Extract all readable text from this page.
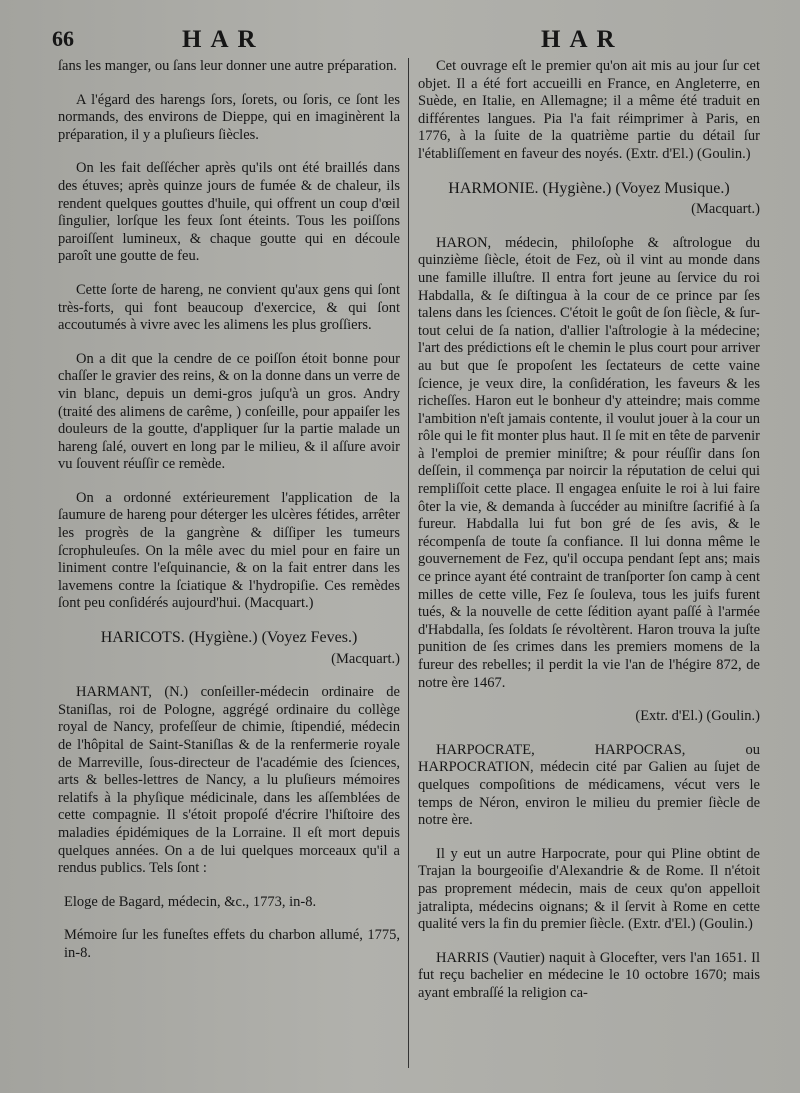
66	HAR	HAR

ſans les manger, ou ſans leur donner une autre préparation.

A l'égard des harengs ſors, ſorets, ou ſoris, ce ſont les normands, des environs de Dieppe, qui en imaginèrent la préparation, il y a pluſieurs ſiècles.

On les fait deſſécher après qu'ils ont été braillés dans des étuves; après quinze jours de fumée & de chaleur, ils rendent quelques gouttes d'huile, qui offrent un coup d'œil ſingulier, lorſque les feux ſont éteints. Tous les poiſſons paroiſſent lumineux, & chaque goutte qui en découle paroît une goutte de feu.

Cette ſorte de hareng, ne convient qu'aux gens qui ſont très-forts, qui font beaucoup d'exercice, & qui ſont accoutumés à vivre avec les alimens les plus groſſiers.

On a dit que la cendre de ce poiſſon étoit bonne pour chaſſer le gravier des reins, & on la donne dans un verre de vin blanc, depuis un demi-gros juſqu'à un gros. Andry (traité des alimens de carême, ) conſeille, pour appaiſer les douleurs de la goutte, d'appliquer ſur la partie malade un hareng ſalé, ouvert en long par le milieu, & il aſſure avoir vu ſouvent réuſſir ce remède.

On a ordonné extérieurement l'application de la ſaumure de hareng pour déterger les ulcères fétides, arrêter les progrès de la gangrène & diſſiper les tumeurs ſcrophuleuſes. On la mêle avec du miel pour en faire un liniment contre l'eſquinancie, & on la fait entrer dans les lavemens contre la ſciatique & l'hydropiſie. Ces remèdes ſont peu conſidérés aujourd'hui. (Macquart.)

HARICOTS. (Hygiène.) (Voyez Feves.)

(Macquart.)

HARMANT, (N.) conſeiller-médecin ordinaire de Staniſlas, roi de Pologne, aggrégé ordinaire du collège royal de Nancy, profeſſeur de chimie, ſtipendié, médecin de l'hôpital de Saint-Staniſlas & de la renfermerie royale de Marreville, ſous-directeur de l'académie des ſciences, arts & belles-lettres de Nancy, a lu pluſieurs mémoires relatifs à la phyſique médicinale, dans les aſſemblées de cette compagnie. Il s'étoit propoſé d'écrire l'hiſtoire des maladies épidémiques de la Lorraine. Il eſt mort depuis quelques années. On a de lui quelques morceaux qu'il a rendus publics. Tels ſont :

Eloge de Bagard, médecin, &c., 1773, in-8.

Mémoire ſur les funeſtes effets du charbon allumé, 1775, in-8.

Cet ouvrage eſt le premier qu'on ait mis au jour ſur cet objet. Il a été fort accueilli en France, en Angleterre, en Suède, en Italie, en Allemagne; il a même été traduit en différentes langues. Pia l'a fait réimprimer à Paris, en 1776, à la ſuite de la quatrième partie du détail ſur l'établiſſement en faveur des noyés. (Extr. d'El.) (Goulin.)

HARMONIE. (Hygiène.) (Voyez Musique.)

(Macquart.)

HARON, médecin, philoſophe & aſtrologue du quinzième ſiècle, étoit de Fez, où il vint au monde dans une famille illuſtre. Il entra fort jeune au ſervice du roi Habdalla, & ſe diſtingua à la cour de ce prince par ſes talens dans les ſciences. C'étoit le goût de ſon ſiècle, & ſur-tout celui de ſa nation, d'allier l'aſtrologie à la médecine; l'art des prédictions eſt le chemin le plus court pour arriver au but que ſe propoſent les ſectateurs de cette vaine ſcience, je veux dire, la conſidération, les faveurs & les richeſſes. Haron eut le bonheur d'y atteindre; mais comme l'ambition n'eſt jamais contente, il voulut jouer à la cour un rôle qui le fit monter plus haut. Il ſe mit en tête de parvenir à l'emploi de premier miniſtre; & pour réuſſir dans ſon deſſein, il commença par noircir la réputation de celui qui rempliſſoit cette place. Il engagea enſuite le roi à lui faire ôter la vie, & demanda à ſuccéder au miniſtre ſacrifié à ſa fureur. Habdalla lui fut bon gré de ſes avis, & le récompenſa de toute ſa confiance. Il lui donna même le gouvernement de Fez, qu'il occupa pendant ſept ans; mais ce prince ayant été contraint de tranſporter ſon camp à cent milles de cette ville, Fez ſe ſouleva, tous les juifs furent tués, & la nouvelle de cette ſédition ayant paſſé à l'armée d'Habdalla, ſes ſoldats ſe révoltèrent. Haron trouva la juſte punition de ſes crimes dans les premiers momens de la fureur des rebelles; il perdit la vie l'an de l'hégire 872, de notre ère 1467.

(Extr. d'El.) (Goulin.)

HARPOCRATE, HARPOCRAS, ou HARPOCRATION, médecin cité par Galien au ſujet de quelques compoſitions de médicamens, vécut vers le temps de Néron, environ le milieu du premier ſiècle de notre ère.

Il y eut un autre Harpocrate, pour qui Pline obtint de Trajan la bourgeoiſie d'Alexandrie & de Rome. Il n'étoit pas proprement médecin, mais de ceux qu'on appelloit jatralipta, médecins oignans; & il ſervit à Rome en cette qualité vers la fin du premier ſiècle. (Extr. d'El.) (Goulin.)

HARRIS (Vautier) naquit à Glocefter, vers l'an 1651. Il fut reçu bachelier en médecine le 10 octobre 1670; mais ayant embraſſé la religion ca-
